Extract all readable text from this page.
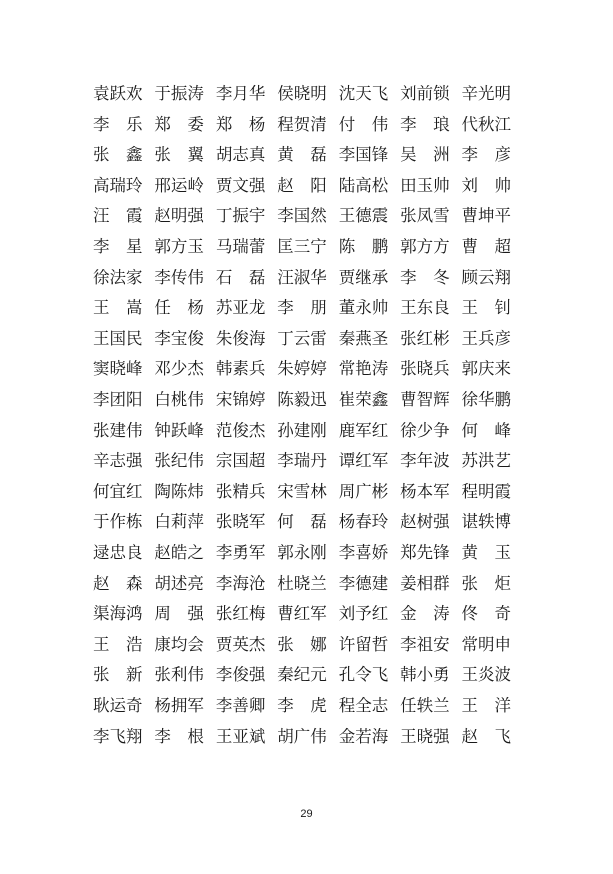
袁跃欢 于振涛 李月华 侯晓明 沈天飞 刘前锁 辛光明
李　乐 郑　委 郑　杨 程贺清 付　伟 李　琅 代秋江
张　鑫 张　翼 胡志真 黄　磊 李国锋 吴　洲 李　彦
高瑞玲 邢运岭 贾文强 赵　阳 陆高松 田玉帅 刘　帅
汪　霞 赵明强 丁振宇 李国然 王德震 张凤雪 曹坤平
李　星 郭方玉 马瑞蕾 匡三宁 陈　鹏 郭方方 曹　超
徐法家 李传伟 石　磊 汪淑华 贾继承 李　冬 顾云翔
王　嵩 任　杨 苏亚龙 李　朋 董永帅 王东良 王　钊
王国民 李宝俊 朱俊海 丁云雷 秦燕圣 张红彬 王兵彦
窦晓峰 邓少杰 韩素兵 朱婷婷 常艳涛 张晓兵 郭庆来
李团阳 白桃伟 宋锦婷 陈毅迅 崔荣鑫 曹智辉 徐华鹏
张建伟 钟跃峰 范俊杰 孙建刚 鹿军红 徐少争 何　峰
辛志强 张纪伟 宗国超 李瑞丹 谭红军 李年波 苏洪艺
何宜红 陶陈炜 张精兵 宋雪林 周广彬 杨本军 程明霞
于作栋 白莉萍 张晓军 何　磊 杨春玲 赵树强 谌轶博
逯忠良 赵皓之 李勇军 郭永刚 李喜娇 郑先锋 黄　玉
赵　森 胡述亮 李海沧 杜晓兰 李德建 姜相群 张　炬
渠海鸿 周　强 张红梅 曹红军 刘予红 金　涛 佟　奇
王　浩 康均会 贾英杰 张　娜 许留哲 李祖安 常明申
张　新 张利伟 李俊强 秦纪元 孔令飞 韩小勇 王炎波
耿运奇 杨拥军 李善卿 李　虎 程全志 任轶兰 王　洋
李飞翔 李　根 王亚斌 胡广伟 金若海 王晓强 赵　飞
29
